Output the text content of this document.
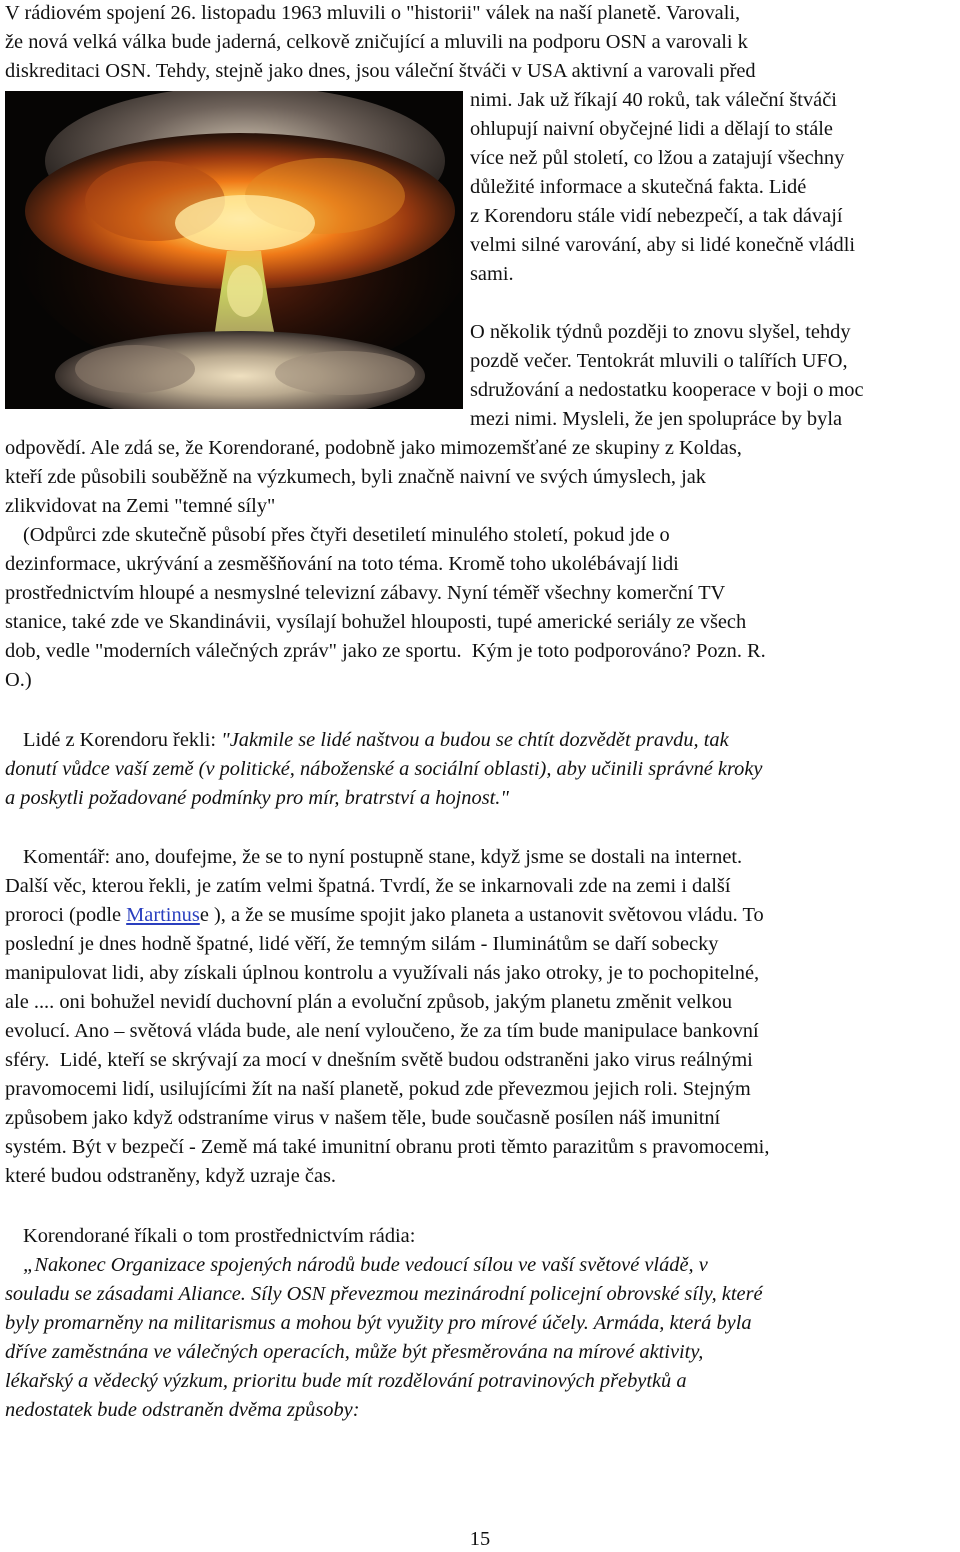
V rádiovém spojení 26. listopadu 1963 mluvili o "historii" válek na naší planetě. Varovali,
že nová velká válka bude jaderná, celkově zničující a mluvili na podporu OSN a varovali k
diskreditaci OSN. Tehdy, stejně jako dnes, jsou váleční štváči v USA aktivní a varovali před
nimi. Jak už říkají 40 roků, tak váleční štváči
ohlupují naivní obyčejné lidi a dělají to stále
více než půl století, co lžou a zatajují všechny
důležité informace a skutečná fakta. Lidé
z Korendoru stále vidí nebezpečí, a tak dávají
velmi silné varování, aby si lidé konečně vládli
sami.
O několik týdnů později to znovu slyšel, tehdy
pozdě večer. Tentokrát mluvili o talířích UFO,
sdružování a nedostatku kooperace v boji o moc
mezi nimi. Mysleli, že jen spolupráce by byla
odpovědí. Ale zdá se, že Korendorané, podobně jako mimozemšťané ze skupiny z Koldas,
kteří zde působili souběžně na výzkumech, byli značně naivní ve svých úmyslech, jak
zlikvidovat na Zemi "temné síly"
(Odpůrci zde skutečně působí přes čtyři desetiletí minulého století, pokud jde o
dezinformace, ukrývání a zesměšňování na toto téma. Kromě toho ukolébávají lidi
prostřednictvím hloupé a nesmyslné televizní zábavy. Nyní téměř všechny komerční TV
stanice, také zde ve Skandinávii, vysílají bohužel hlouposti, tupé americké seriály ze všech
dob, vedle "moderních válečných zpráv" jako ze sportu.  Kým je toto podporováno? Pozn. R.
O.)
Lidé z Korendoru řekli: "Jakmile se lidé naštvou a budou se chtít dozvědět pravdu, tak
donutí vůdce vaší země (v politické, náboženské a sociální oblasti), aby učinili správné kroky
a poskytli požadované podmínky pro mír, bratrství a hojnost."
Komentář: ano, doufejme, že se to nyní postupně stane, když jsme se dostali na internet.
Další věc, kterou řekli, je zatím velmi špatná. Tvrdí, že se inkarnovali zde na zemi i další
proroci (podle Martinuse ), a že se musíme spojit jako planeta a ustanovit světovou vládu. To
poslední je dnes hodně špatné, lidé věří, že temným silám - Iluminátům se daří sobecky
manipulovat lidi, aby získali úplnou kontrolu a využívali nás jako otroky, je to pochopitelné,
ale .... oni bohužel nevidí duchovní plán a evoluční způsob, jakým planetu změnit velkou
evolucí. Ano – světová vláda bude, ale není vyloučeno, že za tím bude manipulace bankovní
sféry.  Lidé, kteří se skrývají za mocí v dnešním světě budou odstraněni jako virus reálnými
pravomocemi lidí, usilujícími žít na naší planetě, pokud zde převezmou jejich roli. Stejným
způsobem jako když odstraníme virus v našem těle, bude současně posílen náš imunitní
systém. Být v bezpečí - Země má také imunitní obranu proti těmto parazitům s pravomocemi,
které budou odstraněny, když uzraje čas.
Korendorané říkali o tom prostřednictvím rádia:
„Nakonec Organizace spojených národů bude vedoucí sílou ve vaší světové vládě, v
souladu se zásadami Aliance. Síly OSN převezmou mezinárodní policejní obrovské síly, které
byly promarněny na militarismus a mohou být využity pro mírové účely. Armáda, která byla
dříve zaměstnána ve válečných operacích, může být přesměrována na mírové aktivity,
lékařský a vědecký výzkum, prioritu bude mít rozdělování potravinových přebytků a
nedostatek bude odstraněn dvěma způsoby:
15
